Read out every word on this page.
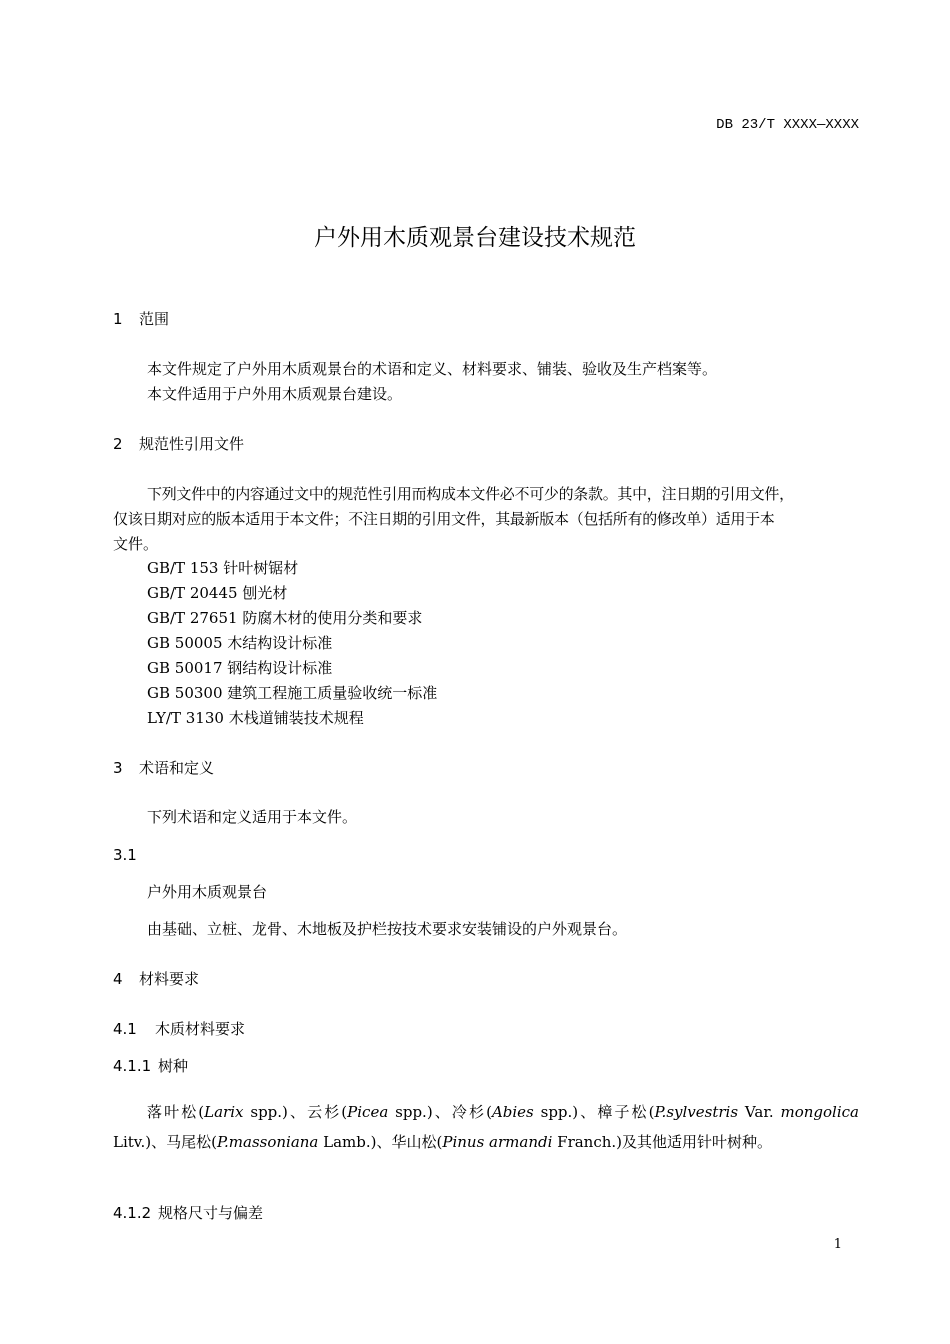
DB 23/T XXXX—XXXX
户外用木质观景台建设技术规范
1 范围
本文件规定了户外用木质观景台的术语和定义、材料要求、铺装、验收及生产档案等。
本文件适用于户外用木质观景台建设。
2 规范性引用文件
下列文件中的内容通过文中的规范性引用而构成本文件必不可少的条款。其中，注日期的引用文件，
仅该日期对应的版本适用于本文件；不注日期的引用文件，其最新版本（包括所有的修改单）适用于本
文件。
GB/T 153 针叶树锯材
GB/T 20445 刨光材
GB/T 27651 防腐木材的使用分类和要求
GB 50005 木结构设计标准
GB 50017 钢结构设计标准
GB 50300 建筑工程施工质量验收统一标准
LY/T 3130 木栈道铺装技术规程
3 术语和定义
下列术语和定义适用于本文件。
3.1
户外用木质观景台
由基础、立桩、龙骨、木地板及护栏按技术要求安装铺设的户外观景台。
4 材料要求
4.1 木质材料要求
4.1.1 树种
落叶松(Larix spp.)、云杉(Picea spp.)、冷杉(Abies spp.)、樟子松(P.sylvestris Var. mongolica Litv.)、马尾松(P.massoniana Lamb.)、华山松(Pinus armandi Franch.)及其他适用针叶树种。
4.1.2 规格尺寸与偏差
1
